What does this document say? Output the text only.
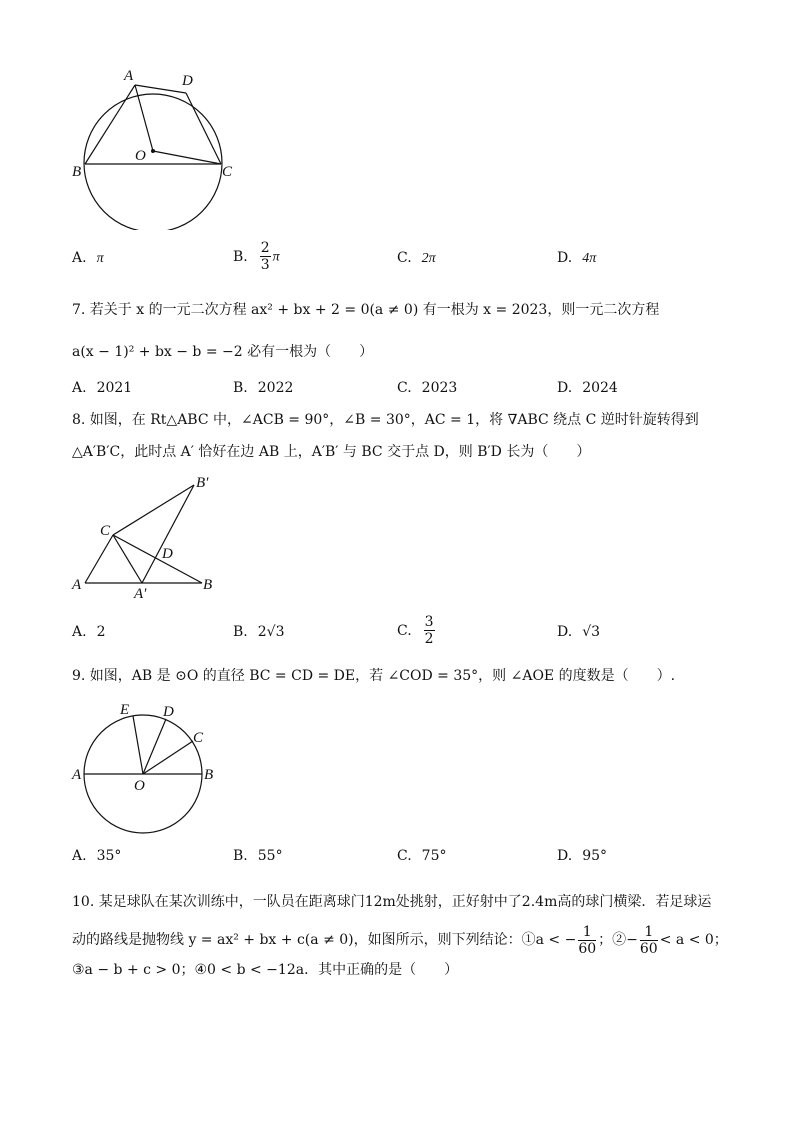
A	D
O
B	C
A. π	B. $\frac{2}{3}$ π	C. 2π	D. 4π
7. 若关于 x 的一元二次方程 ax² + bx + 2 = 0(a ≠ 0) 有一根为 x = 2023，则一元二次方程
a(x − 1)² + bx − b = −2 必有一根为（　　）
A. 2021	B. 2022	C. 2023	D. 2024
8. 如图，在 Rt△ABC 中，∠ACB = 90°，∠B = 30°，AC = 1，将 ∇ABC 绕点 C 逆时针旋转得到
△A′B′C，此时点 A′ 恰好在边 AB 上，A′B′ 与 BC 交于点 D，则 B′D 长为（　　）
B′
C
D
A
A′
B
A. 2	B. 2√3	C. $\frac{3}{2}$	D. √3
9. 如图，AB 是 ⊙O 的直径 BC = CD = DE，若 ∠COD = 35°，则 ∠AOE 的度数是（　　）.
E D
C
A
O
B
A. 35°	B. 55°	C. 75°	D. 95°
10. 某足球队在某次训练中，一队员在距离球门12m处挑射，正好射中了2.4m高的球门横梁．若足球运
动的路线是抛物线 y = ax² + bx + c(a ≠ 0)，如图所示，则下列结论：①a < − $\frac{1}{60}$ ；②− $\frac{1}{60} < a < 0$；
③a − b + c > 0；④0 < b < −12a．其中正确的是（　　）
